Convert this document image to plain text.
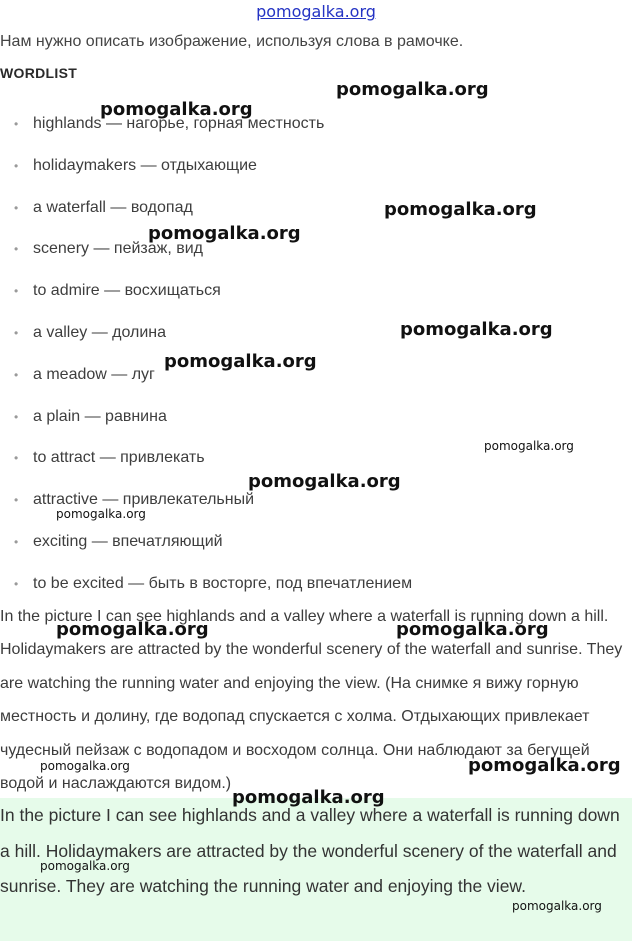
pomogalka.org
Нам нужно описать изображение, используя слова в рамочке.
WORDLIST
• highlands — нагорье, горная местность
• holidaymakers — отдыхающие
• a waterfall — водопад
• scenery — пейзаж, вид
• to admire — восхищаться
• a valley — долина
• a meadow — луг
• a plain — равнина
• to attract — привлекать
• attractive — привлекательный
• exciting — впечатляющий
• to be excited — быть в восторге, под впечатлением
In the picture I can see highlands and a valley where a waterfall is running down a hill. Holidaymakers are attracted by the wonderful scenery of the waterfall and sunrise. They are watching the running water and enjoying the view. (На снимке я вижу горную местность и долину, где водопад спускается с холма. Отдыхающих привлекает чудесный пейзаж с водопадом и восходом солнца. Они наблюдают за бегущей водой и наслаждаются видом.)
In the picture I can see highlands and a valley where a waterfall is running down a hill. Holidaymakers are attracted by the wonderful scenery of the waterfall and sunrise. They are watching the running water and enjoying the view.
pomogalka.org
pomogalka.org
pomogalka.org
pomogalka.org
pomogalka.org
pomogalka.org
pomogalka.org
pomogalka.org
pomogalka.org
pomogalka.org	pomogalka.org
pomogalka.org	pomogalka.org
pomogalka.org
pomogalka.org
pomogalka.org
